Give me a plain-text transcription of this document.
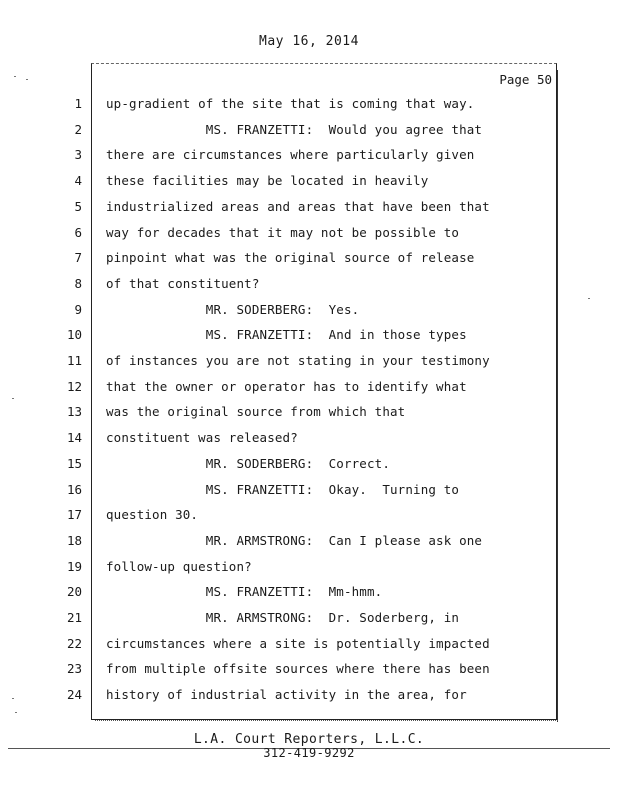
May 16, 2014
Page 50
1 up-gradient of the site that is coming that way.
2 MS. FRANZETTI:  Would you agree that
3 there are circumstances where particularly given
4 these facilities may be located in heavily
5 industrialized areas and areas that have been that
6 way for decades that it may not be possible to
7 pinpoint what was the original source of release
8 of that constituent?
9 MR. SODERBERG:  Yes.
10 MS. FRANZETTI:  And in those types
11 of instances you are not stating in your testimony
12 that the owner or operator has to identify what
13 was the original source from which that
14 constituent was released?
15 MR. SODERBERG:  Correct.
16 MS. FRANZETTI:  Okay.  Turning to
17 question 30.
18 MR. ARMSTRONG:  Can I please ask one
19 follow-up question?
20 MS. FRANZETTI:  Mm-hmm.
21 MR. ARMSTRONG:  Dr. Soderberg, in
22 circumstances where a site is potentially impacted
23 from multiple offsite sources where there has been
24 history of industrial activity in the area, for
L.A. Court Reporters, L.L.C.
312-419-9292
